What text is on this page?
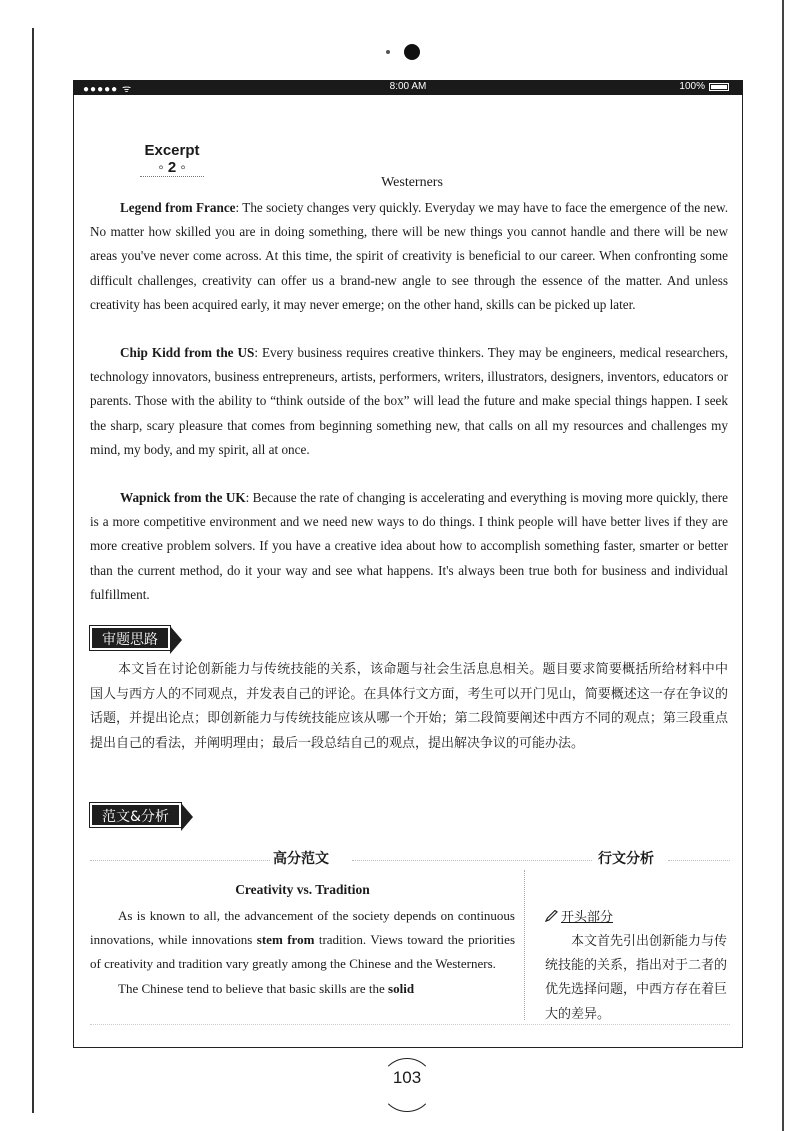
●●●●● ᯤ	8:00 AM	100%
Excerpt
◦ 2 ◦
Westerners
Legend from France: The society changes very quickly. Everyday we may have to face the emergence of the new. No matter how skilled you are in doing something, there will be new things you cannot handle and there will be new areas you've never come across. At this time, the spirit of creativity is beneficial to our career. When confronting some difficult challenges, creativity can offer us a brand-new angle to see through the essence of the matter. And unless creativity has been acquired early, it may never emerge; on the other hand, skills can be picked up later.
Chip Kidd from the US: Every business requires creative thinkers. They may be engineers, medical researchers, technology innovators, business entrepreneurs, artists, performers, writers, illustrators, designers, inventors, educators or parents. Those with the ability to “think outside of the box” will lead the future and make special things happen. I seek the sharp, scary pleasure that comes from beginning something new, that calls on all my resources and challenges my mind, my body, and my spirit, all at once.
Wapnick from the UK: Because the rate of changing is accelerating and everything is moving more quickly, there is a more competitive environment and we need new ways to do things. I think people will have better lives if they are more creative problem solvers. If you have a creative idea about how to accomplish something faster, smarter or better than the current method, do it your way and see what happens. It's always been true both for business and individual fulfillment.
审题思路
本文旨在讨论创新能力与传统技能的关系，该命题与社会生活息息相关。题目要求简要概括所给材料中中国人与西方人的不同观点，并发表自己的评论。在具体行文方面，考生可以开门见山，简要概述这一存在争议的话题，并提出论点；即创新能力与传统技能应该从哪一个开始；第二段简要阐述中西方不同的观点；第三段重点提出自己的看法，并阐明理由；最后一段总结自己的观点，提出解决争议的可能办法。
范文&分析
高分范文	行文分析
Creativity vs. Tradition

As is known to all, the advancement of the society depends on continuous innovations, while innovations stem from tradition. Views toward the priorities of creativity and tradition vary greatly among the Chinese and the Westerners.

The Chinese tend to believe that basic skills are the solid

开头部分
本文首先引出创新能力与传统技能的关系，指出对于二者的优先选择问题，中西方存在着巨大的差异。
103
